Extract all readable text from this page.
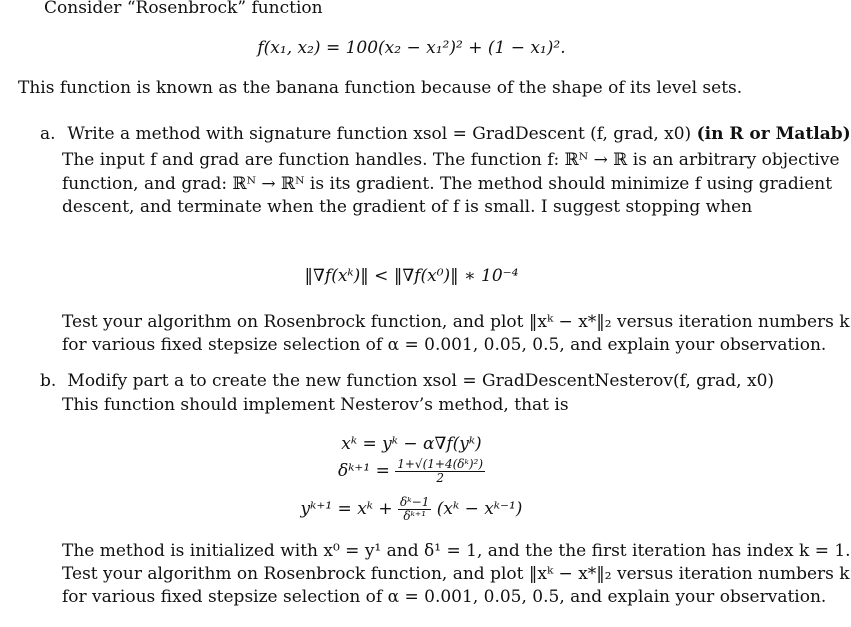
Consider “Rosenbrock” function
f(x₁, x₂) = 100(x₂ − x₁²)² + (1 − x₁)².
This function is known as the banana function because of the shape of its level sets.
a. Write a method with signature function xsol = GradDescent (f, grad, x0) (in R or Matlab)
The input f and grad are function handles. The function f: ℝᴺ → ℝ is an arbitrary objective
function, and grad: ℝᴺ → ℝᴺ is its gradient. The method should minimize f using gradient
descent, and terminate when the gradient of f is small. I suggest stopping when
‖∇f(xᵏ)‖ < ‖∇f(x⁰)‖ ∗ 10⁻⁴
Test your algorithm on Rosenbrock function, and plot ‖xᵏ − x*‖₂ versus iteration numbers k
for various fixed stepsize selection of α = 0.001, 0.05, 0.5, and explain your observation.
b. Modify part a to create the new function xsol = GradDescentNesterov(f, grad, x0)
This function should implement Nesterov’s method, that is
xᵏ = yᵏ − α∇f(yᵏ)
δᵏ⁺¹ = $\frac{\text{1+√(1+4(δᵏ)²)}}{2}$
yᵏ⁺¹ = xᵏ + $\frac{\text{δᵏ−1}}{\text{δᵏ⁺¹}}$ (xᵏ − xᵏ⁻¹)
The method is initialized with x⁰ = y¹ and δ¹ = 1, and the the first iteration has index k = 1.
Test your algorithm on Rosenbrock function, and plot ‖xᵏ − x*‖₂ versus iteration numbers k
for various fixed stepsize selection of α = 0.001, 0.05, 0.5, and explain your observation.
